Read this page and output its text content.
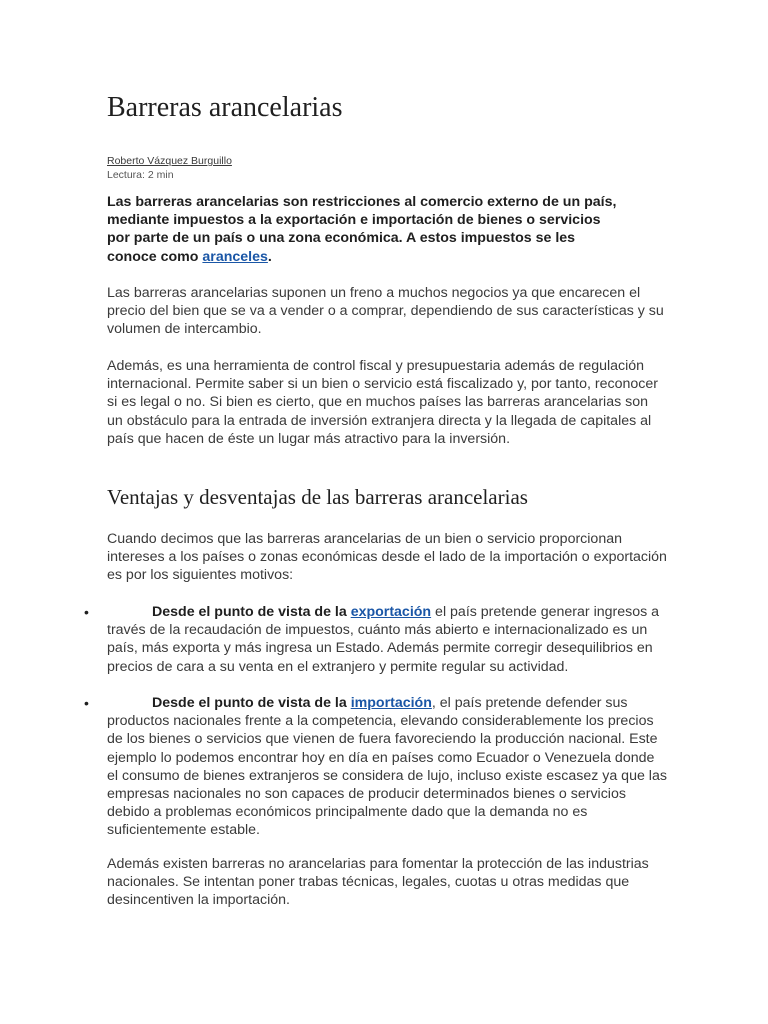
Barreras arancelarias
Roberto Vázquez Burguillo
Lectura: 2 min

Las barreras arancelarias son restricciones al comercio externo de un país, mediante impuestos a la exportación e importación de bienes o servicios por parte de un país o una zona económica. A estos impuestos se les conoce como aranceles.

Las barreras arancelarias suponen un freno a muchos negocios ya que encarecen el precio del bien que se va a vender o a comprar, dependiendo de sus características y su volumen de intercambio.

Además, es una herramienta de control fiscal y presupuestaria además de regulación internacional. Permite saber si un bien o servicio está fiscalizado y, por tanto, reconocer si es legal o no. Si bien es cierto, que en muchos países las barreras arancelarias son un obstáculo para la entrada de inversión extranjera directa y la llegada de capitales al país que hacen de éste un lugar más atractivo para la inversión.

Ventajas y desventajas de las barreras arancelarias

Cuando decimos que las barreras arancelarias de un bien o servicio proporcionan intereses a los países o zonas económicas desde el lado de la importación o exportación es por los siguientes motivos:

•	Desde el punto de vista de la exportación el país pretende generar ingresos a través de la recaudación de impuestos, cuánto más abierto e internacionalizado es un país, más exporta y más ingresa un Estado. Además permite corregir desequilibrios en precios de cara a su venta en el extranjero y permite regular su actividad.
•	Desde el punto de vista de la importación, el país pretende defender sus productos nacionales frente a la competencia, elevando considerablemente los precios de los bienes o servicios que vienen de fuera favoreciendo la producción nacional. Este ejemplo lo podemos encontrar hoy en día en países como Ecuador o Venezuela donde el consumo de bienes extranjeros se considera de lujo, incluso existe escasez ya que las empresas nacionales no son capaces de producir determinados bienes o servicios debido a problemas económicos principalmente dado que la demanda no es suficientemente estable.

Además existen barreras no arancelarias para fomentar la protección de las industrias nacionales. Se intentan poner trabas técnicas, legales, cuotas u otras medidas que desincentiven la importación.
